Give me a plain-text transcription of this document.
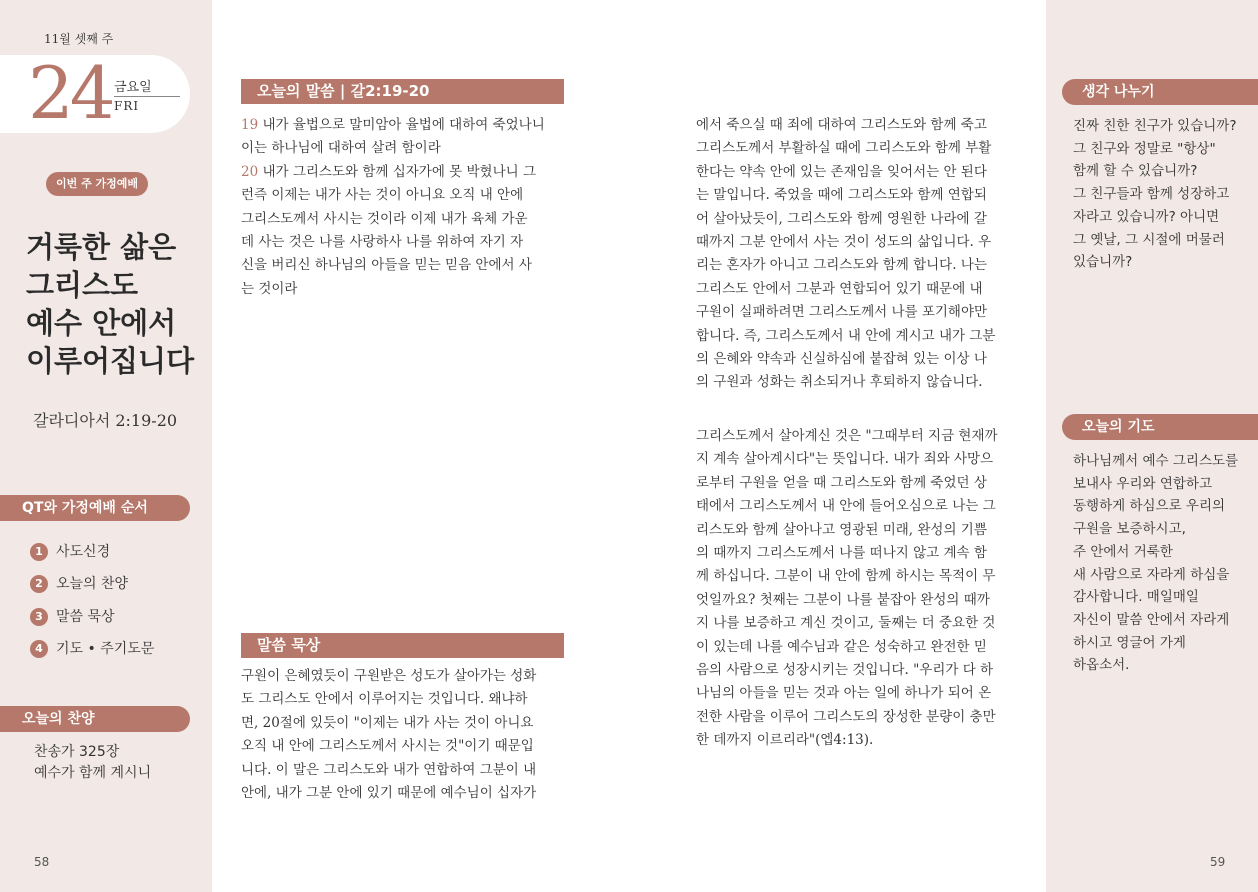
11월 셋째 주
24 금요일
FRI
이번 주 가정예배
거룩한 삶은
그리스도
예수 안에서
이루어집니다
갈라디아서 2:19-20
QT와 가정예배 순서
1 사도신경
2 오늘의 찬양
3 말씀 묵상
4 기도 • 주기도문
오늘의 찬양
찬송가 325장
예수가 함께 계시니
58
오늘의 말씀 | 갈2:19-20
19 내가 율법으로 말미암아 율법에 대하여 죽었나니
이는 하나님에 대하여 살려 함이라
20 내가 그리스도와 함께 십자가에 못 박혔나니 그
런즉 이제는 내가 사는 것이 아니요 오직 내 안에
그리스도께서 사시는 것이라 이제 내가 육체 가운
데 사는 것은 나를 사랑하사 나를 위하여 자기 자
신을 버리신 하나님의 아들을 믿는 믿음 안에서 사
는 것이라
말씀 묵상
구원이 은혜였듯이 구원받은 성도가 살아가는 성화
도 그리스도 안에서 이루어지는 것입니다. 왜냐하
면, 20절에 있듯이 "이제는 내가 사는 것이 아니요
오직 내 안에 그리스도께서 사시는 것"이기 때문입
니다. 이 말은 그리스도와 내가 연합하여 그분이 내
안에, 내가 그분 안에 있기 때문에 예수님이 십자가
에서 죽으실 때 죄에 대하여 그리스도와 함께 죽고
그리스도께서 부활하실 때에 그리스도와 함께 부활
한다는 약속 안에 있는 존재임을 잊어서는 안 된다
는 말입니다. 죽었을 때에 그리스도와 함께 연합되
어 살아났듯이, 그리스도와 함께 영원한 나라에 갈
때까지 그분 안에서 사는 것이 성도의 삶입니다. 우
리는 혼자가 아니고 그리스도와 함께 합니다. 나는
그리스도 안에서 그분과 연합되어 있기 때문에 내
구원이 실패하려면 그리스도께서 나를 포기해야만
합니다. 즉, 그리스도께서 내 안에 계시고 내가 그분
의 은혜와 약속과 신실하심에 붙잡혀 있는 이상 나
의 구원과 성화는 취소되거나 후퇴하지 않습니다.
그리스도께서 살아계신 것은 "그때부터 지금 현재까
지 계속 살아계시다"는 뜻입니다. 내가 죄와 사망으
로부터 구원을 얻을 때 그리스도와 함께 죽었던 상
태에서 그리스도께서 내 안에 들어오심으로 나는 그
리스도와 함께 살아나고 영광된 미래, 완성의 기쁨
의 때까지 그리스도께서 나를 떠나지 않고 계속 함
께 하십니다. 그분이 내 안에 함께 하시는 목적이 무
엇일까요? 첫째는 그분이 나를 붙잡아 완성의 때까
지 나를 보증하고 계신 것이고, 둘째는 더 중요한 것
이 있는데 나를 예수님과 같은 성숙하고 완전한 믿
음의 사람으로 성장시키는 것입니다. "우리가 다 하
나님의 아들을 믿는 것과 아는 일에 하나가 되어 온
전한 사람을 이루어 그리스도의 장성한 분량이 충만
한 데까지 이르리라"(엡4:13).
생각 나누기
진짜 친한 친구가 있습니까?
그 친구와 정말로 "항상"
함께 할 수 있습니까?
그 친구들과 함께 성장하고
자라고 있습니까? 아니면
그 옛날, 그 시절에 머물러
있습니까?
오늘의 기도
하나님께서 예수 그리스도를
보내사 우리와 연합하고
동행하게 하심으로 우리의
구원을 보증하시고,
주 안에서 거룩한
새 사람으로 자라게 하심을
감사합니다. 매일매일
자신이 말씀 안에서 자라게
하시고 영글어 가게
하옵소서.
59
